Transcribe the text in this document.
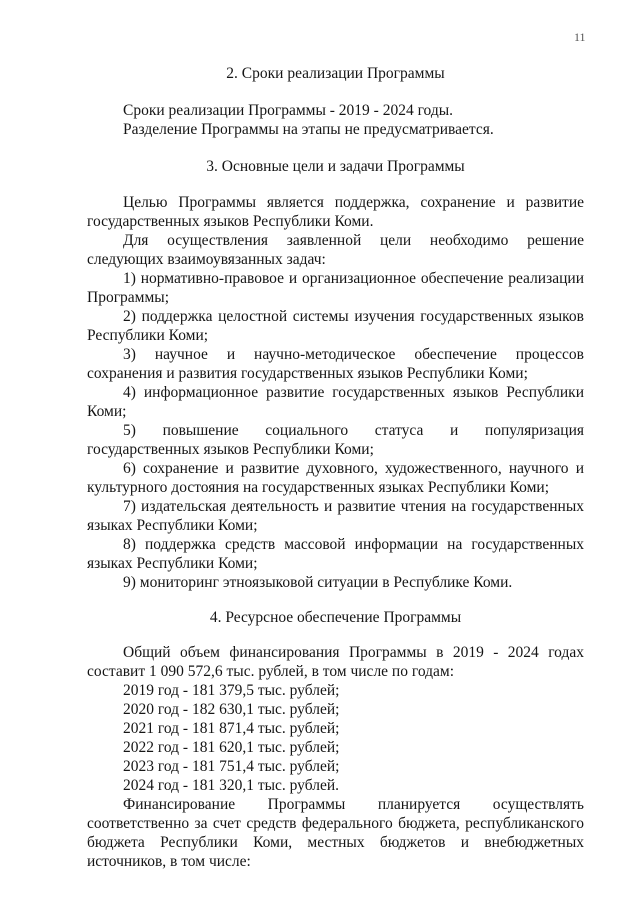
11

2. Сроки реализации Программы

Сроки реализации Программы - 2019 - 2024 годы.

Разделение Программы на этапы не предусматривается.

3. Основные цели и задачи Программы

Целью Программы является поддержка, сохранение и развитие государственных языков Республики Коми.

Для осуществления заявленной цели необходимо решение следующих взаимоувязанных задач:

1) нормативно-правовое и организационное обеспечение реализации Программы;

2) поддержка целостной системы изучения государственных языков Республики Коми;

3) научное и научно-методическое обеспечение процессов сохранения и развития государственных языков Республики Коми;

4) информационное развитие государственных языков Республики Коми;

5) повышение социального статуса и популяризация государственных языков Республики Коми;

6) сохранение и развитие духовного, художественного, научного и культурного достояния на государственных языках Республики Коми;

7) издательская деятельность и развитие чтения на государственных языках Республики Коми;

8) поддержка средств массовой информации на государственных языках Республики Коми;

9) мониторинг этноязыковой ситуации в Республике Коми.

4. Ресурсное обеспечение Программы

Общий объем финансирования Программы в 2019 - 2024 годах составит 1 090 572,6 тыс. рублей, в том числе по годам:

2019 год - 181 379,5 тыс. рублей;

2020 год - 182 630,1 тыс. рублей;

2021 год - 181 871,4 тыс. рублей;

2022 год - 181 620,1 тыс. рублей;

2023 год - 181 751,4 тыс. рублей;

2024 год - 181 320,1 тыс. рублей.

Финансирование Программы планируется осуществлять соответственно за счет средств федерального бюджета, республиканского бюджета Республики Коми, местных бюджетов и внебюджетных источников, в том числе:
